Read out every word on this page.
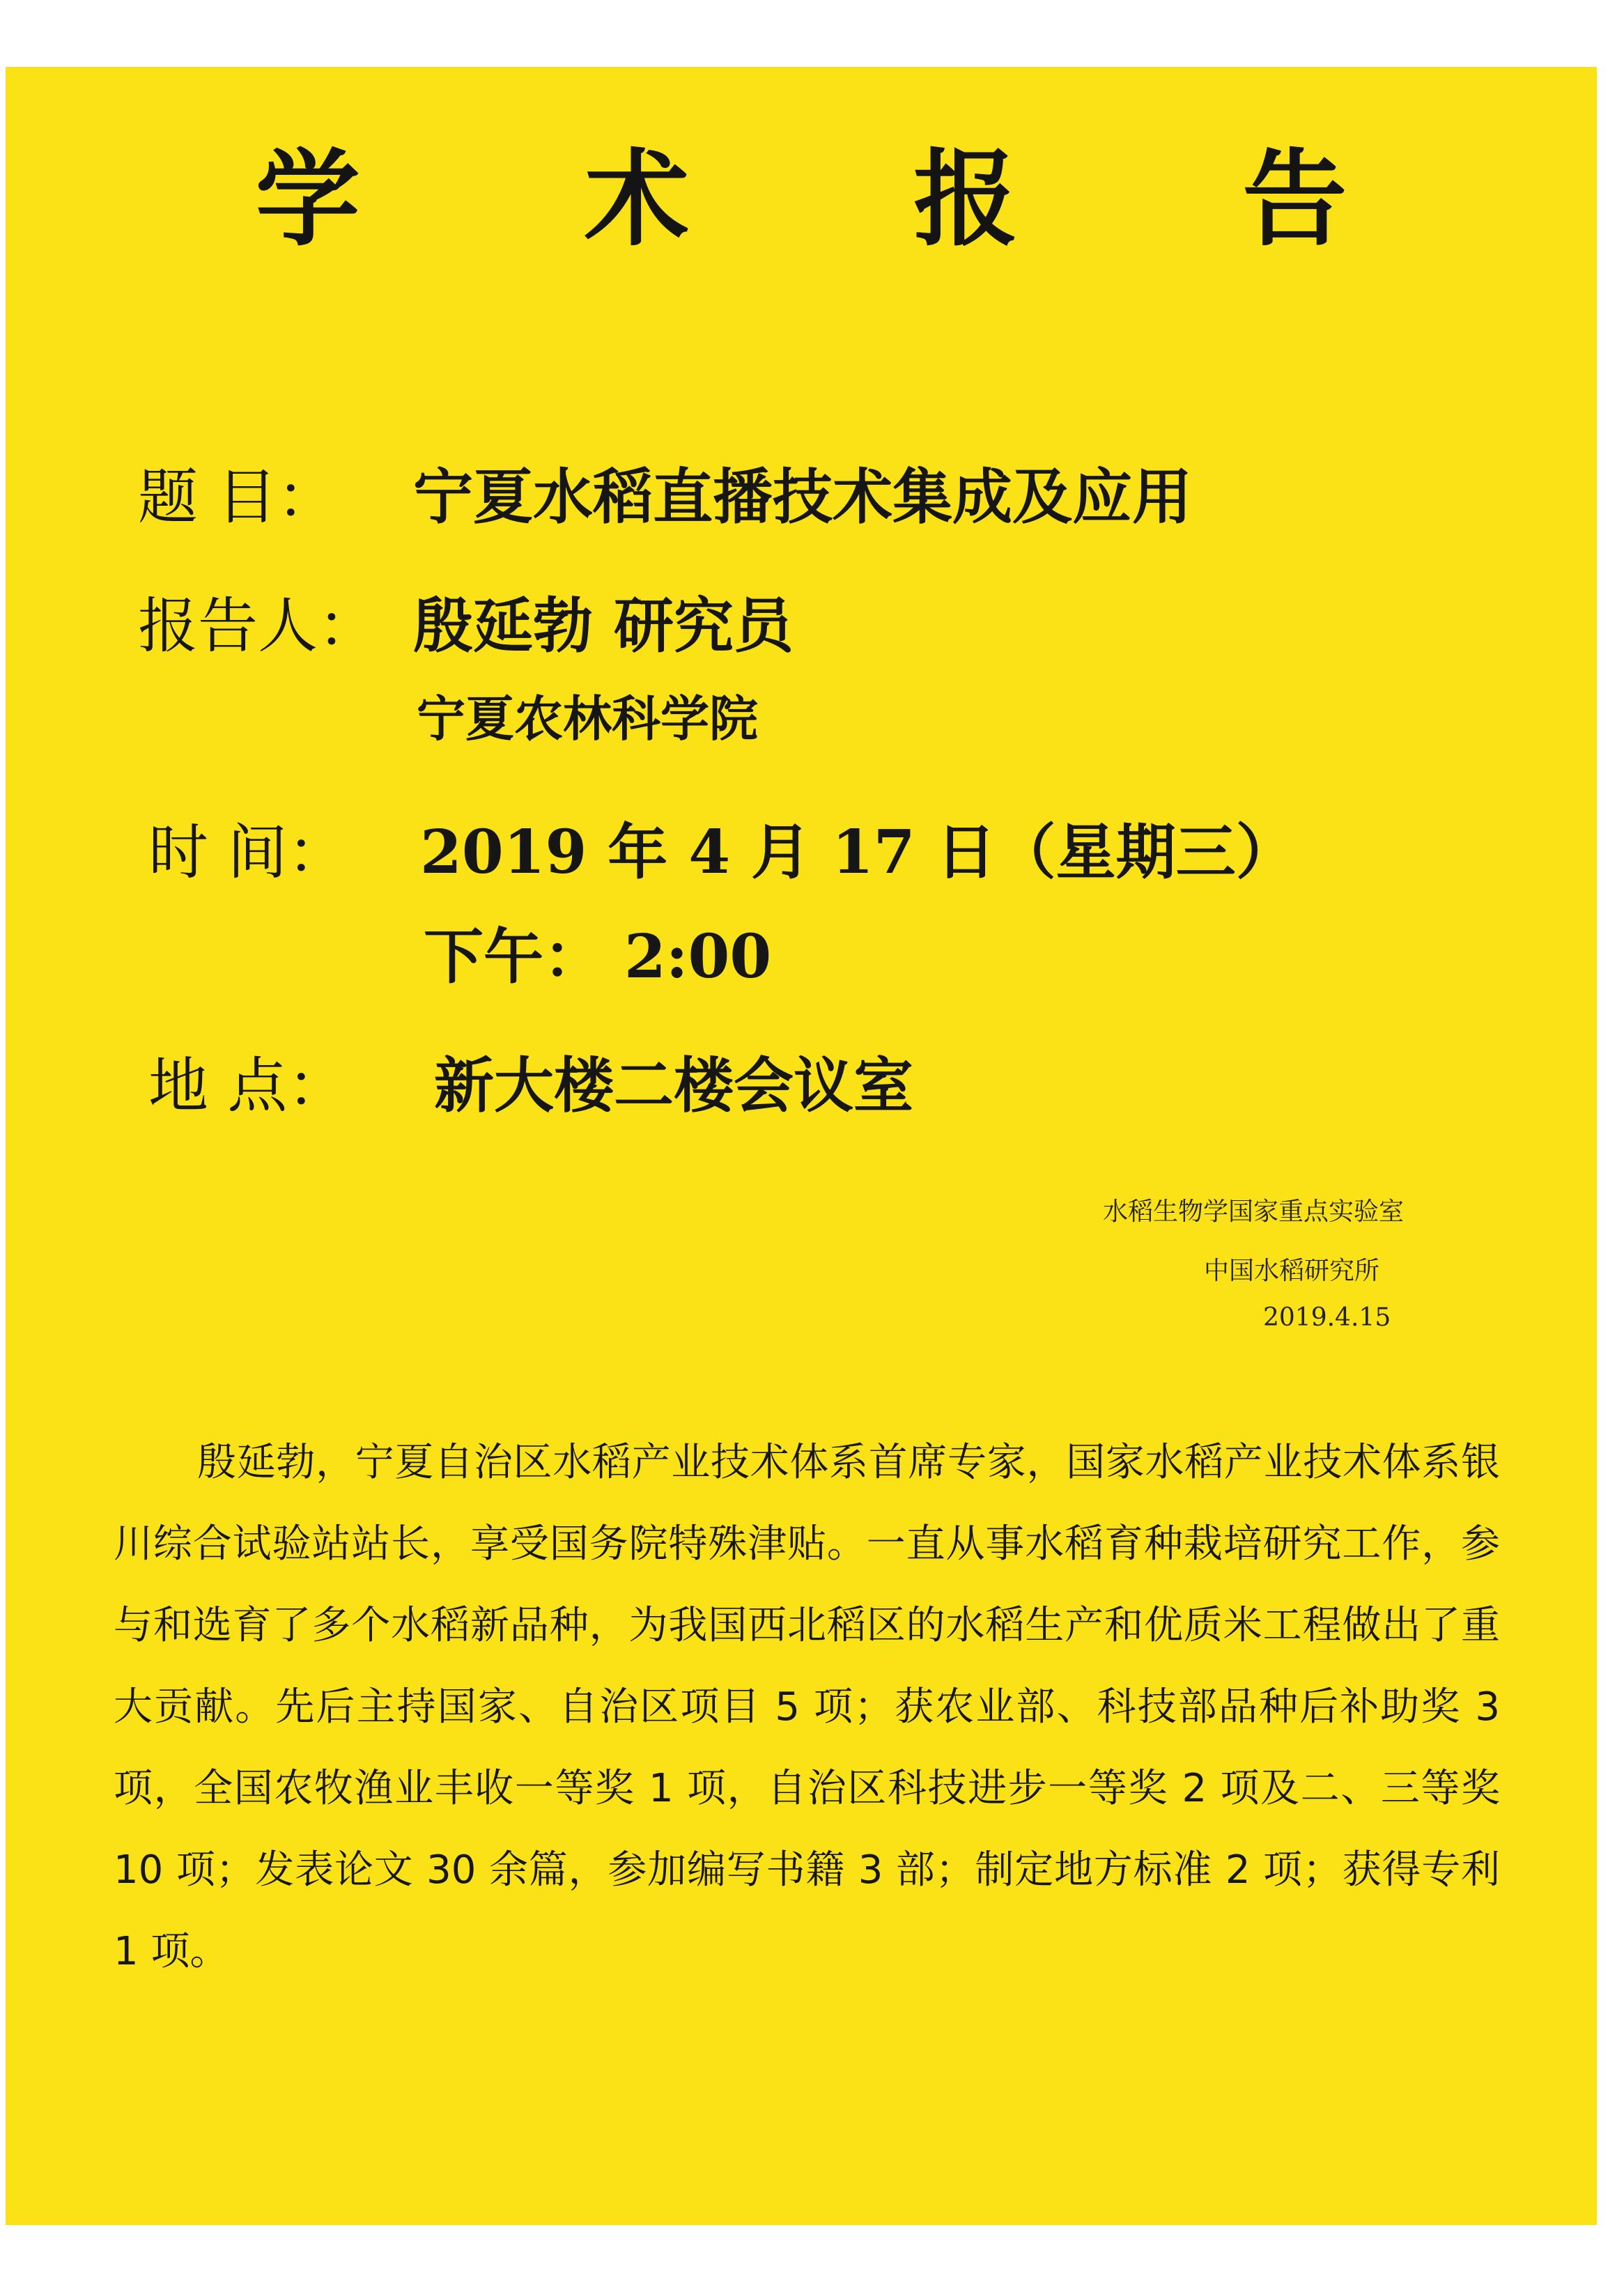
学 术 报 告
题 目： 宁夏水稻直播技术集成及应用
报告人： 殷延勃 研究员
宁夏农林科学院
时 间： 2019 年 4 月 17 日（星期三）
下午： 2:00
地 点： 新大楼二楼会议室
水稻生物学国家重点实验室
中国水稻研究所
2019.4.15
殷延勃，宁夏自治区水稻产业技术体系首席专家，国家水稻产业技术体系银川综合试验站站长，享受国务院特殊津贴。一直从事水稻育种栽培研究工作，参与和选育了多个水稻新品种，为我国西北稻区的水稻生产和优质米工程做出了重大贡献。先后主持国家、自治区项目 5 项；获农业部、科技部品种后补助奖 3 项，全国农牧渔业丰收一等奖 1 项，自治区科技进步一等奖 2 项及二、三等奖 10 项；发表论文 30 余篇，参加编写书籍 3 部；制定地方标准 2 项；获得专利 1 项。
